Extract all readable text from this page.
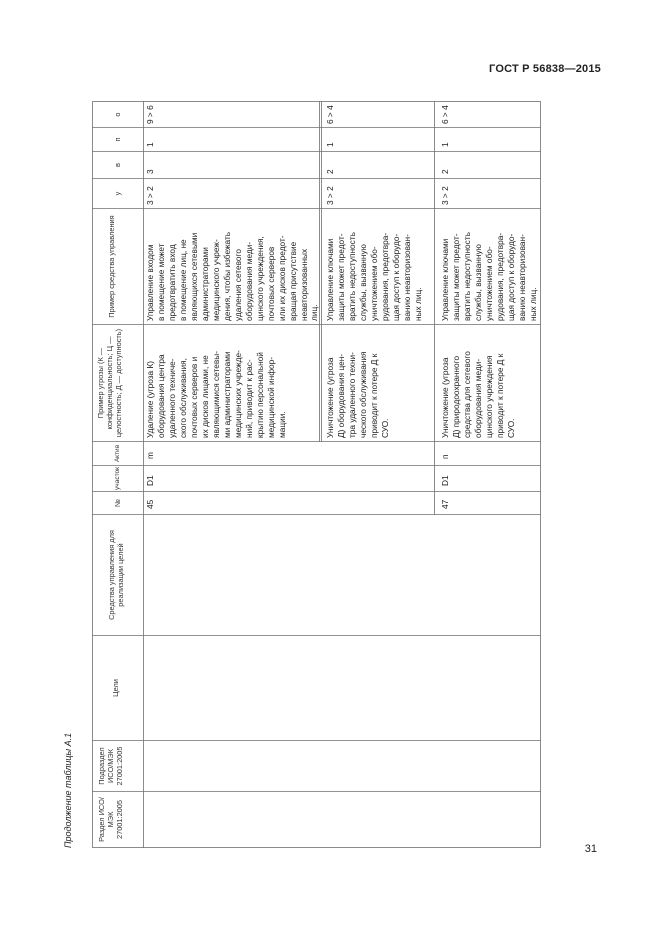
ГОСТ Р 56838—2015
31
Продолжение таблицы А.1	Раздел ИСО/МЭК 27001:2005
Подраздел ИСО/МЭК 27001:2005
Цели
Средства управления для реализации целей
№
участок
Актив
Пример угрозы (К — конфиденциальность; Ц — целостность; Д — доступность)
Пример средства управления
у
в
п
о
45
D1
m
Удаление (угроза К) оборудования центра удаленного техниче- ского обслуживания, почтовых серверов и их дисков лицами, не являющимися сетевы- ми администраторами медицинских учрежде- ний, приводит к рас- крытию персональной медицинской инфор- мации.
Управление входом в помещение может предотвратить вход в помещение лиц, не являющихся сетевыми администраторами медицинского учреж- дения, чтобы избежать удаления сетевого оборудования меди- цинского учреждения, почтовых серверов или их дисков предот- вращая присутствие неавторизованных лиц.
3 > 2
3
1
9 > 6
Уничтожение (угроза Д) оборудования цен- тра удаленного техни- ческого обслуживания приводит к потере Д к СУО.
Управление ключами защиты может предот- вратить недоступность службы, вызванную уничтожением обо- рудования, предотвра- щая доступ к оборудо- ванию неавторизован- ных лиц.
3 > 2
2
1
6 > 4
47
D1
п
Уничтожение (угроза Д) природоохранного средства для сетевого оборудования меди- цинского учреждения приводит к потере Д к СУО.
Управление ключами защиты может предот- вратить недоступность службы, вызванную уничтожением обо- рудования, предотвра- щая доступ к оборудо- ванию неавторизован- ных лиц.
3 > 2
2
1
6 > 4
